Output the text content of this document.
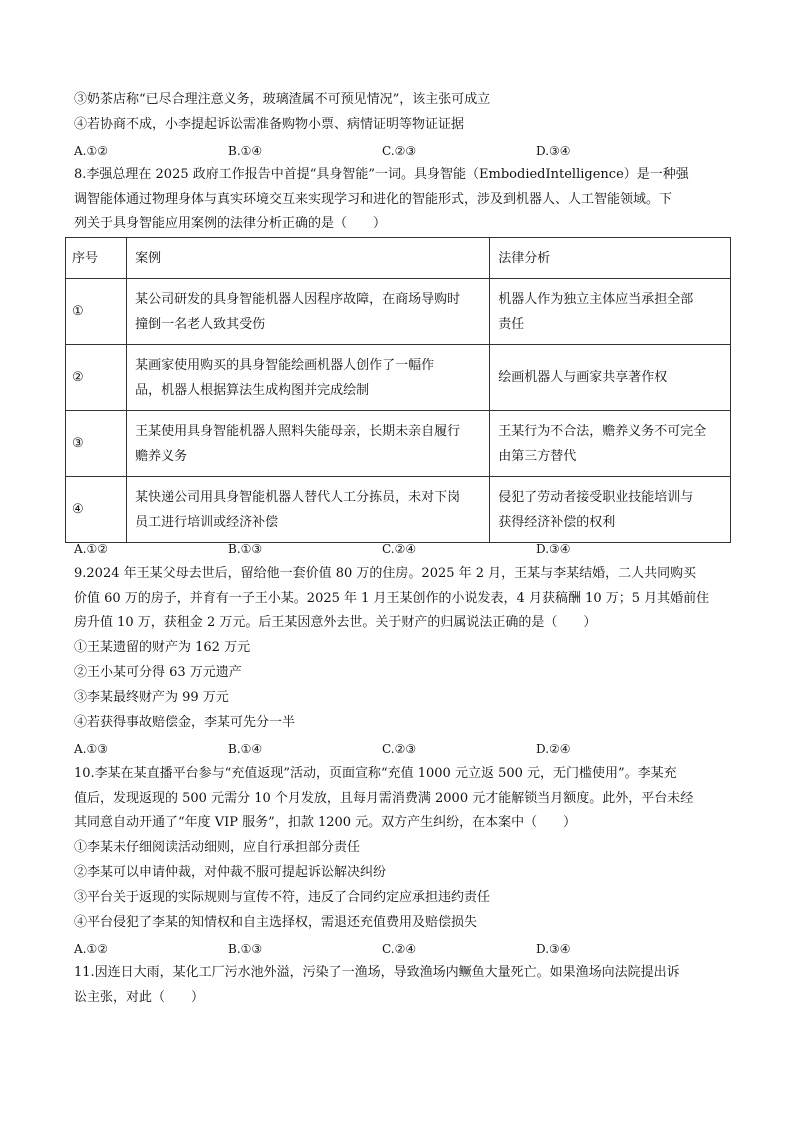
③奶茶店称“已尽合理注意义务，玻璃渣属不可预见情况”，该主张可成立
④若协商不成，小李提起诉讼需准备购物小票、病情证明等物证证据
A.①②	B.①④	C.②③	D.③④
8.李强总理在 2025 政府工作报告中首提“具身智能”一词。具身智能（EmbodiedIntelligence）是一种强
调智能体通过物理身体与真实环境交互来实现学习和进化的智能形式，涉及到机器人、人工智能领域。下
列关于具身智能应用案例的法律分析正确的是（　　）
序号	案例	法律分析
①	某公司研发的具身智能机器人因程序故障，在商场导购时
撞倒一名老人致其受伤	机器人作为独立主体应当承担全部
责任
②	某画家使用购买的具身智能绘画机器人创作了一幅作
品，机器人根据算法生成构图并完成绘制	绘画机器人与画家共享著作权
③	王某使用具身智能机器人照料失能母亲，长期未亲自履行
赡养义务	王某行为不合法，赡养义务不可完全
由第三方替代
④	某快递公司用具身智能机器人替代人工分拣员，未对下岗
员工进行培训或经济补偿	侵犯了劳动者接受职业技能培训与
获得经济补偿的权利
A.①②	B.①③	C.②④	D.③④
9.2024 年王某父母去世后，留给他一套价值 80 万的住房。2025 年 2 月，王某与李某结婚，二人共同购买
价值 60 万的房子，并育有一子王小某。2025 年 1 月王某创作的小说发表，4 月获稿酬 10 万；5 月其婚前住
房升值 10 万，获租金 2 万元。后王某因意外去世。关于财产的归属说法正确的是（　　）
①王某遗留的财产为 162 万元
②王小某可分得 63 万元遗产
③李某最终财产为 99 万元
④若获得事故赔偿金，李某可先分一半
A.①③	B.①④	C.②③	D.②④
10.李某在某直播平台参与“充值返现”活动，页面宣称“充值 1000 元立返 500 元，无门槛使用”。李某充
值后，发现返现的 500 元需分 10 个月发放，且每月需消费满 2000 元才能解锁当月额度。此外，平台未经
其同意自动开通了“年度 VIP 服务”，扣款 1200 元。双方产生纠纷，在本案中（　　）
①李某未仔细阅读活动细则，应自行承担部分责任
②李某可以申请仲裁，对仲裁不服可提起诉讼解决纠纷
③平台关于返现的实际规则与宣传不符，违反了合同约定应承担违约责任
④平台侵犯了李某的知情权和自主选择权，需退还充值费用及赔偿损失
A.①②	B.①③	C.②④	D.③④
11.因连日大雨，某化工厂污水池外溢，污染了一渔场，导致渔场内鳜鱼大量死亡。如果渔场向法院提出诉
讼主张，对此（　　）
